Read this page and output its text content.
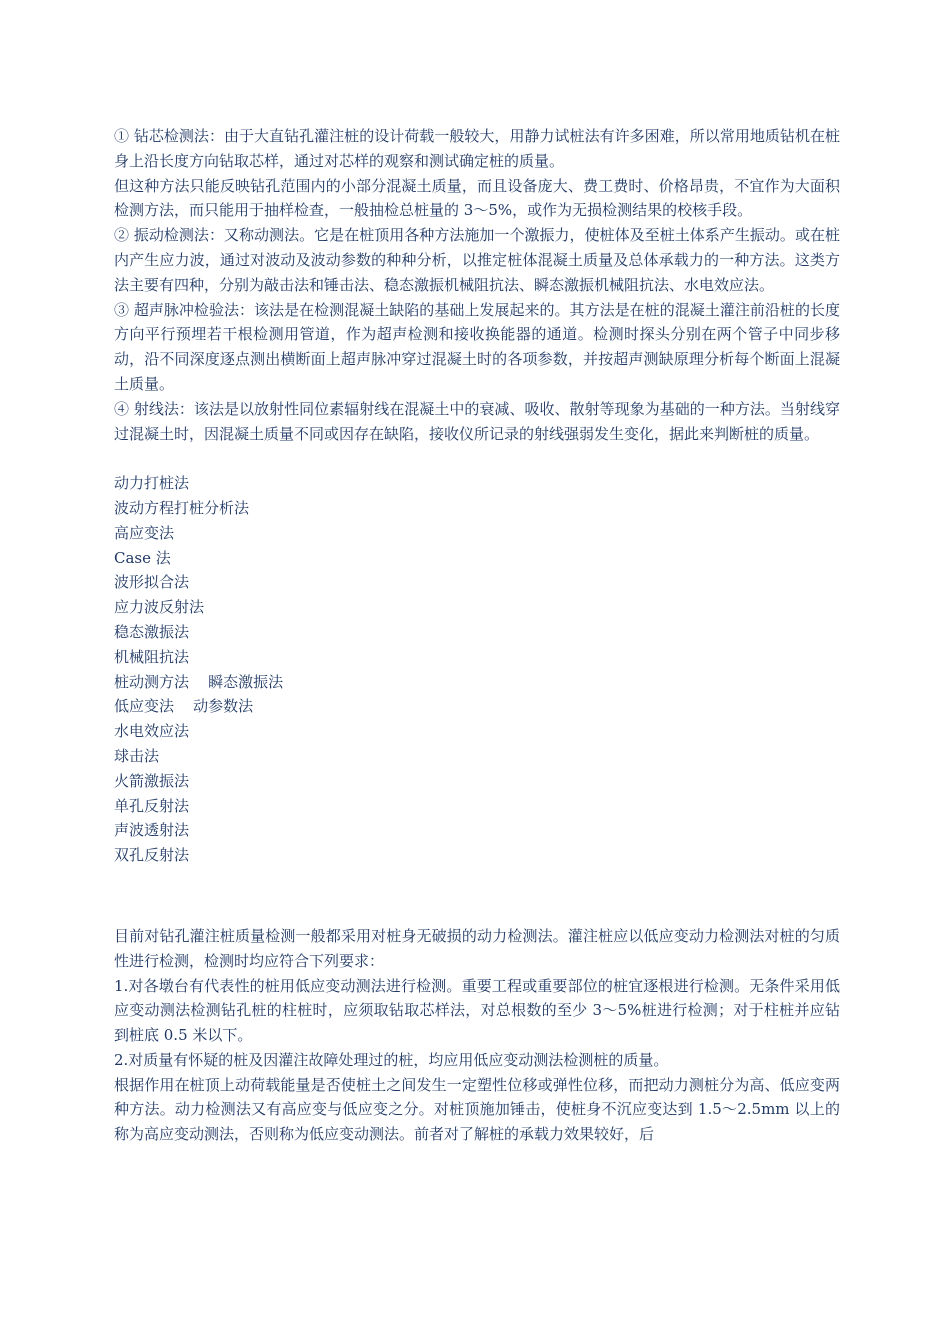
① 钻芯检测法：由于大直钻孔灌注桩的设计荷载一般较大，用静力试桩法有许多困难，所以常用地质钻机在桩身上沿长度方向钻取芯样，通过对芯样的观察和测试确定桩的质量。

但这种方法只能反映钻孔范围内的小部分混凝土质量，而且设备庞大、费工费时、价格昂贵，不宜作为大面积检测方法，而只能用于抽样检查，一般抽检总桩量的 3～5%，或作为无损检测结果的校核手段。

② 振动检测法：又称动测法。它是在桩顶用各种方法施加一个激振力，使桩体及至桩土体系产生振动。或在桩内产生应力波，通过对波动及波动参数的种种分析，以推定桩体混凝土质量及总体承载力的一种方法。这类方法主要有四种，分别为敲击法和锤击法、稳态激振机械阻抗法、瞬态激振机械阻抗法、水电效应法。

③ 超声脉冲检验法：该法是在检测混凝土缺陷的基础上发展起来的。其方法是在桩的混凝土灌注前沿桩的长度方向平行预埋若干根检测用管道，作为超声检测和接收换能器的通道。检测时探头分别在两个管子中同步移动，沿不同深度逐点测出横断面上超声脉冲穿过混凝土时的各项参数，并按超声测缺原理分析每个断面上混凝土质量。

④ 射线法：该法是以放射性同位素辐射线在混凝土中的衰减、吸收、散射等现象为基础的一种方法。当射线穿过混凝土时，因混凝土质量不同或因存在缺陷，接收仪所记录的射线强弱发生变化，据此来判断桩的质量。

动力打桩法
波动方程打桩分析法
高应变法
Case 法
波形拟合法
应力波反射法
稳态激振法
机械阻抗法
桩动测方法    瞬态激振法
低应变法    动参数法
水电效应法
球击法
火箭激振法
单孔反射法
声波透射法
双孔反射法

目前对钻孔灌注桩质量检测一般都采用对桩身无破损的动力检测法。灌注桩应以低应变动力检测法对桩的匀质性进行检测，检测时均应符合下列要求：

1.对各墩台有代表性的桩用低应变动测法进行检测。重要工程或重要部位的桩宜逐根进行检测。无条件采用低应变动测法检测钻孔桩的柱桩时，应须取钻取芯样法，对总根数的至少 3～5%桩进行检测；对于柱桩并应钻到桩底 0.5 米以下。

2.对质量有怀疑的桩及因灌注故障处理过的桩，均应用低应变动测法检测桩的质量。

根据作用在桩顶上动荷载能量是否使桩土之间发生一定塑性位移或弹性位移，而把动力测桩分为高、低应变两种方法。动力检测法又有高应变与低应变之分。对桩顶施加锤击，使桩身不沉应变达到 1.5～2.5mm 以上的称为高应变动测法，否则称为低应变动测法。前者对了解桩的承载力效果较好，后
